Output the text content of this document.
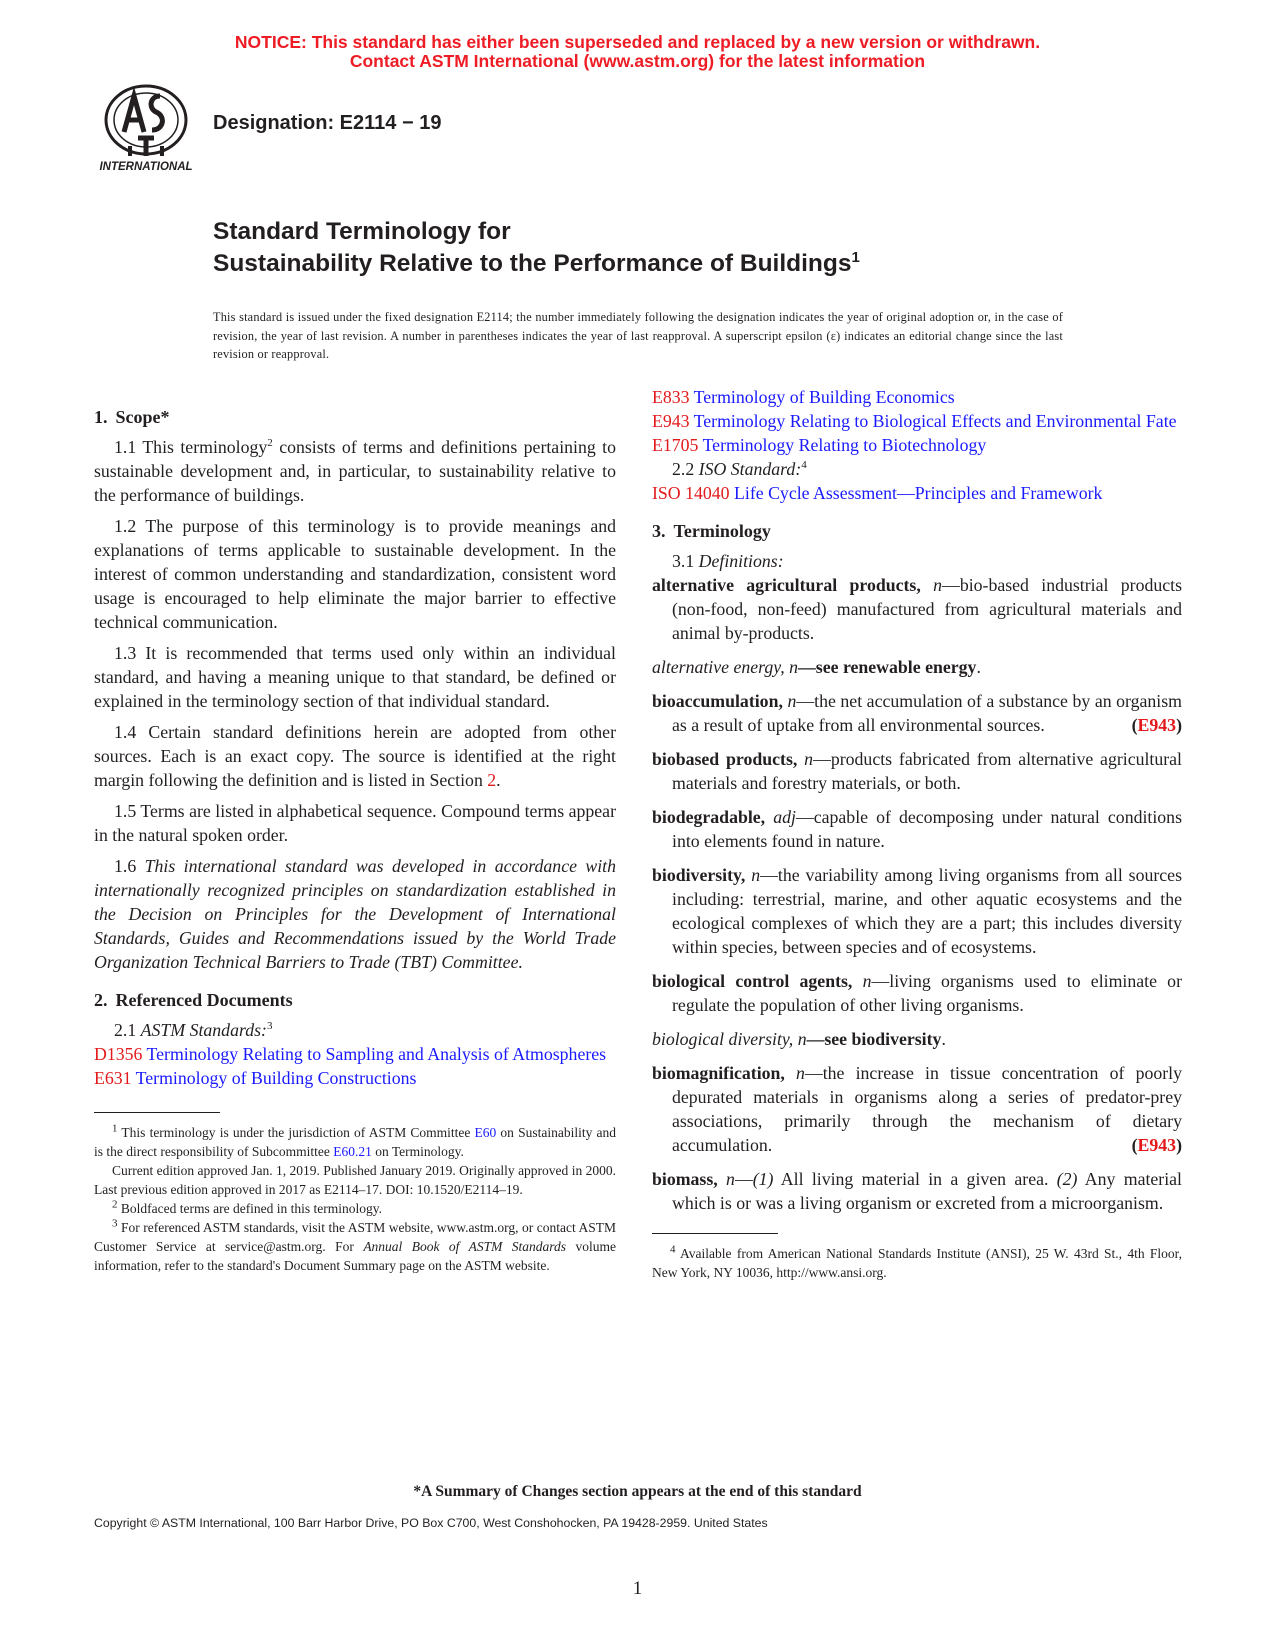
NOTICE: This standard has either been superseded and replaced by a new version or withdrawn.
Contact ASTM International (www.astm.org) for the latest information
INTERNATIONAL
Designation: E2114 − 19
Standard Terminology for
Sustainability Relative to the Performance of Buildings$^1$
This standard is issued under the fixed designation E2114; the number immediately following the designation indicates the year of original adoption or, in the case of revision, the year of last revision. A number in parentheses indicates the year of last reapproval. A superscript epsilon (ε) indicates an editorial change since the last revision or reapproval.
1. Scope*

1.1 This terminology$^2$ consists of terms and definitions pertaining to sustainable development and, in particular, to sustainability relative to the performance of buildings.

1.2 The purpose of this terminology is to provide meanings and explanations of terms applicable to sustainable development. In the interest of common understanding and standardization, consistent word usage is encouraged to help eliminate the major barrier to effective technical communication.

1.3 It is recommended that terms used only within an individual standard, and having a meaning unique to that standard, be defined or explained in the terminology section of that individual standard.

1.4 Certain standard definitions herein are adopted from other sources. Each is an exact copy. The source is identified at the right margin following the definition and is listed in Section 2.

1.5 Terms are listed in alphabetical sequence. Compound terms appear in the natural spoken order.

1.6 This international standard was developed in accordance with internationally recognized principles on standardization established in the Decision on Principles for the Development of International Standards, Guides and Recommendations issued by the World Trade Organization Technical Barriers to Trade (TBT) Committee.

2. Referenced Documents

2.1 ASTM Standards:$^3$

D1356 Terminology Relating to Sampling and Analysis of Atmospheres

E631 Terminology of Building Constructions

$^1$ This terminology is under the jurisdiction of ASTM Committee E60 on Sustainability and is the direct responsibility of Subcommittee E60.21 on Terminology.

Current edition approved Jan. 1, 2019. Published January 2019. Originally approved in 2000. Last previous edition approved in 2017 as E2114–17. DOI: 10.1520/E2114–19.

$^2$ Boldfaced terms are defined in this terminology.

$^3$ For referenced ASTM standards, visit the ASTM website, www.astm.org, or contact ASTM Customer Service at service@astm.org. For Annual Book of ASTM Standards volume information, refer to the standard's Document Summary page on the ASTM website.

E833 Terminology of Building Economics

E943 Terminology Relating to Biological Effects and Environmental Fate

E1705 Terminology Relating to Biotechnology

2.2 ISO Standard:$^4$

ISO 14040 Life Cycle Assessment—Principles and Framework

3. Terminology

3.1 Definitions:

alternative agricultural products, n—bio-based industrial products (non-food, non-feed) manufactured from agricultural materials and animal by-products.

alternative energy, n—see renewable energy.

bioaccumulation, n—the net accumulation of a substance by an organism as a result of uptake from all environmental sources.	(E943)

biobased products, n—products fabricated from alternative agricultural materials and forestry materials, or both.

biodegradable, adj—capable of decomposing under natural conditions into elements found in nature.

biodiversity, n—the variability among living organisms from all sources including: terrestrial, marine, and other aquatic ecosystems and the ecological complexes of which they are a part; this includes diversity within species, between species and of ecosystems.

biological control agents, n—living organisms used to eliminate or regulate the population of other living organisms.

biological diversity, n—see biodiversity.

biomagnification, n—the increase in tissue concentration of poorly depurated materials in organisms along a series of predator-prey associations, primarily through the mechanism of dietary accumulation.	(E943)

biomass, n—(1) All living material in a given area. (2) Any material which is or was a living organism or excreted from a microorganism.

$^4$ Available from American National Standards Institute (ANSI), 25 W. 43rd St., 4th Floor, New York, NY 10036, http://www.ansi.org.

*A Summary of Changes section appears at the end of this standard
Copyright © ASTM International, 100 Barr Harbor Drive, PO Box C700, West Conshohocken, PA 19428-2959. United States
1
